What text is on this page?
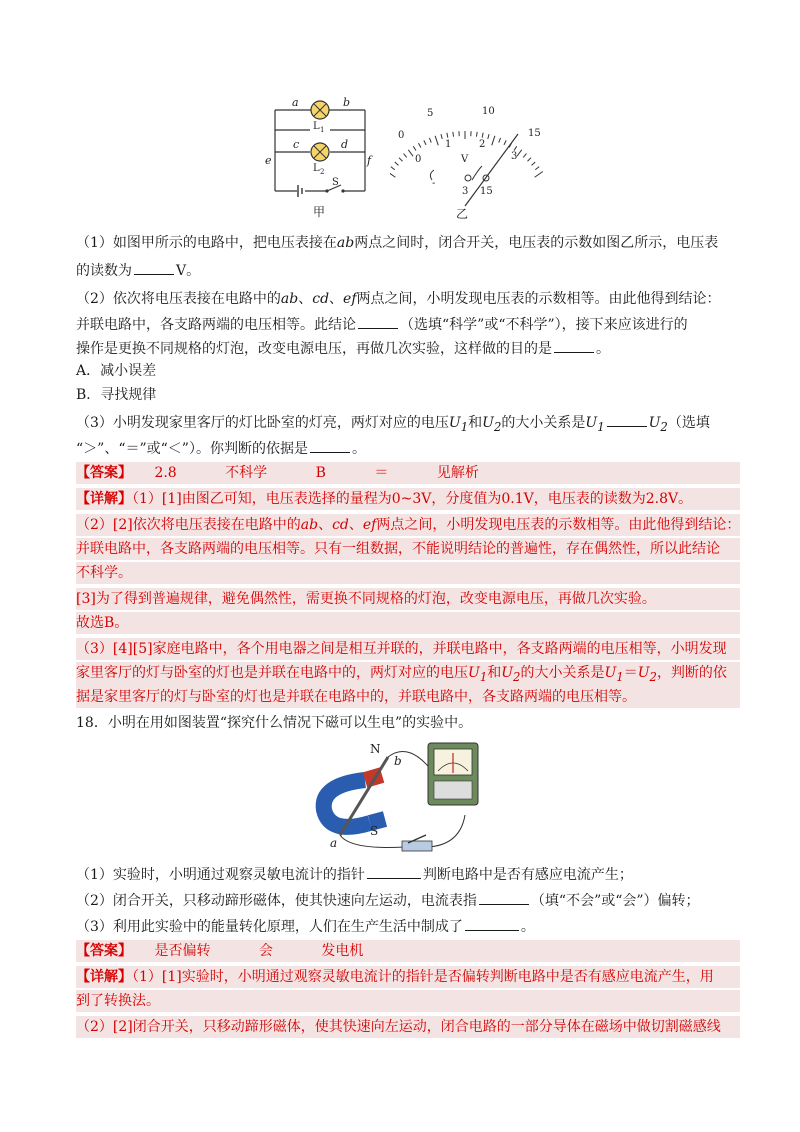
a	b
c	d
e	f
L 1
L 2
S
甲
0
5	10
15
0
1	2
3
V
-
3 15
乙
（1）如图甲所示的电路中，把电压表接在ab两点之间时，闭合开关，电压表的示数如图乙所示，电压表
的读数为	V。
（2）依次将电压表接在电路中的ab、cd、ef两点之间，小明发现电压表的示数相等。由此他得到结论：
并联电路中，各支路两端的电压相等。此结论	（选填“科学”或“不科学”），接下来应该进行的
操作是更换不同规格的灯泡，改变电源电压，再做几次实验，这样做的目的是	。
A．减小误差
B．寻找规律
（3）小明发现家里客厅的灯比卧室的灯亮，两灯对应的电压$U_1$和$U_2$的大小关系是$U_1$	$U_2$（选填
“＞”、“＝”或“＜”）。你判断的依据是	。
【答案】 2.8	不科学	B	＝	见解析
【详解】（1）[1]由图乙可知，电压表选择的量程为0~3V，分度值为0.1V，电压表的读数为2.8V。
（2）[2]依次将电压表接在电路中的ab、cd、ef两点之间，小明发现电压表的示数相等。由此他得到结论：
并联电路中，各支路两端的电压相等。只有一组数据，不能说明结论的普遍性，存在偶然性，所以此结论
不科学。
[3]为了得到普遍规律，避免偶然性，需更换不同规格的灯泡，改变电源电压，再做几次实验。
故选B。
（3）[4][5]家庭电路中，各个用电器之间是相互并联的，并联电路中，各支路两端的电压相等，小明发现
家里客厅的灯与卧室的灯也是并联在电路中的，两灯对应的电压$U_1$和$U_2$的大小关系是$U_1=U_2$，判断的依
据是家里客厅的灯与卧室的灯也是并联在电路中的，并联电路中，各支路两端的电压相等。
18．小明在用如图装置“探究什么情况下磁可以生电”的实验中。
N
S
a
b
（1）实验时，小明通过观察灵敏电流计的指针	判断电路中是否有感应电流产生；
（2）闭合开关，只移动蹄形磁体，使其快速向左运动，电流表指	（填“不会”或“会”）偏转；
（3）利用此实验中的能量转化原理，人们在生产生活中制成了	。
【答案】 是否偏转	会	发电机
【详解】（1）[1]实验时，小明通过观察灵敏电流计的指针是否偏转判断电路中是否有感应电流产生，用
到了转换法。
（2）[2]闭合开关，只移动蹄形磁体，使其快速向左运动，闭合电路的一部分导体在磁场中做切割磁感线
